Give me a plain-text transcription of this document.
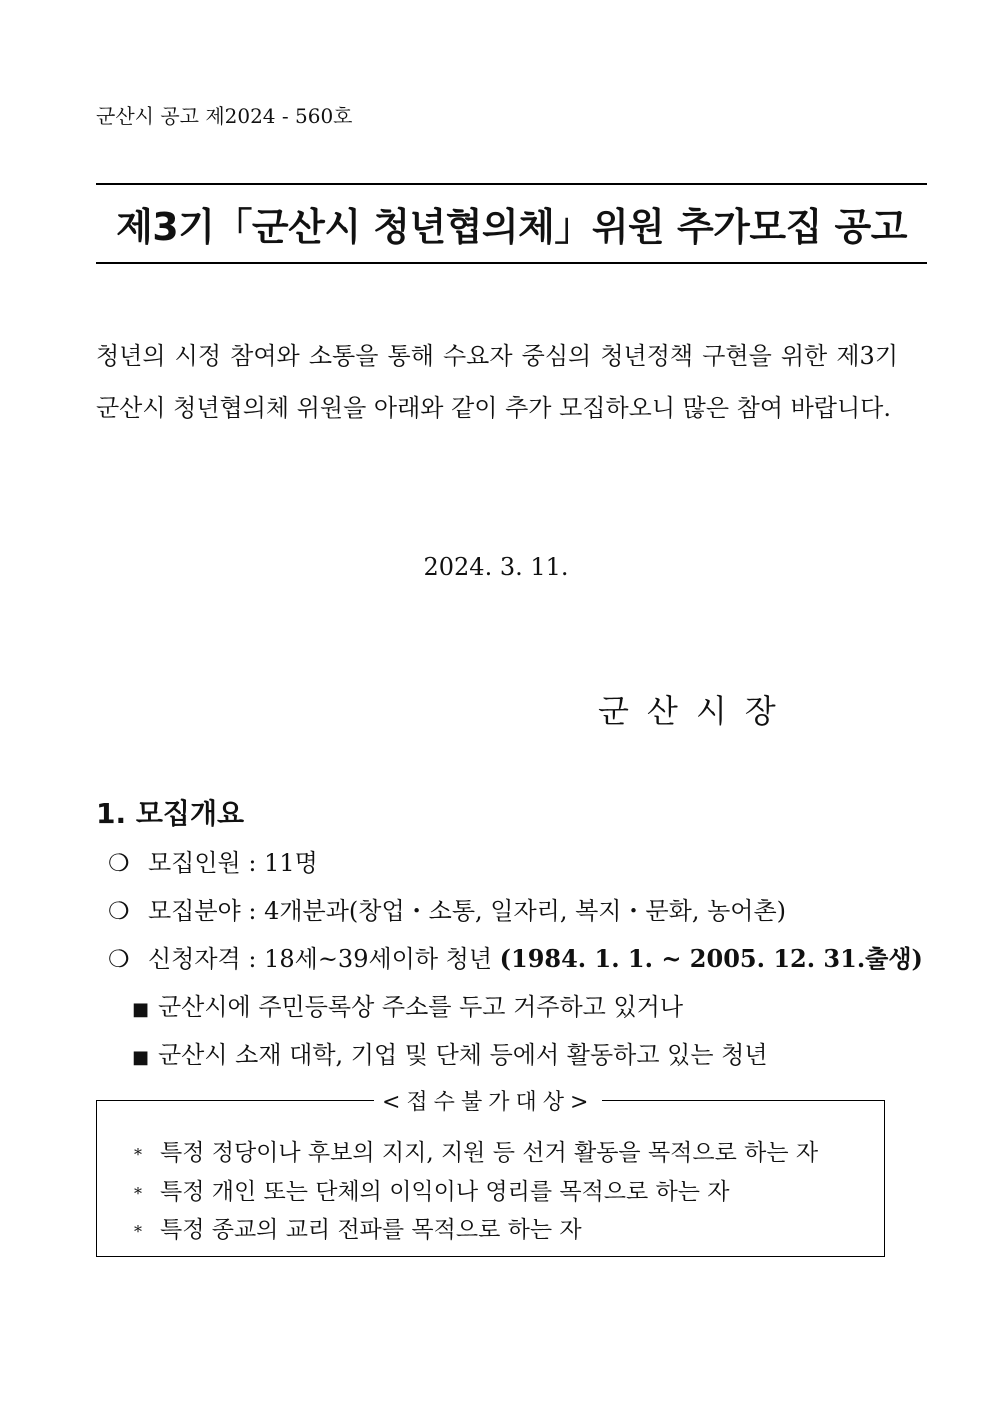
군산시 공고 제2024 - 560호
제3기「군산시 청년협의체」위원 추가모집 공고
청년의 시정 참여와 소통을 통해 수요자 중심의 청년정책 구현을 위한 제3기 군산시 청년협의체 위원을 아래와 같이 추가 모집하오니 많은 참여 바랍니다.
2024. 3. 11.
군산시장
1. 모집개요
❍ 모집인원 : 11명
❍ 모집분야 : 4개분과(창업・소통, 일자리, 복지・문화, 농어촌)
❍ 신청자격 : 18세~39세이하 청년 (1984. 1. 1. ~ 2005. 12. 31.출생)
■ 군산시에 주민등록상 주소를 두고 거주하고 있거나
■ 군산시 소재 대학, 기업 및 단체 등에서 활동하고 있는 청년
<접수불가대상>
* 특정 정당이나 후보의 지지, 지원 등 선거 활동을 목적으로 하는 자
* 특정 개인 또는 단체의 이익이나 영리를 목적으로 하는 자
* 특정 종교의 교리 전파를 목적으로 하는 자
